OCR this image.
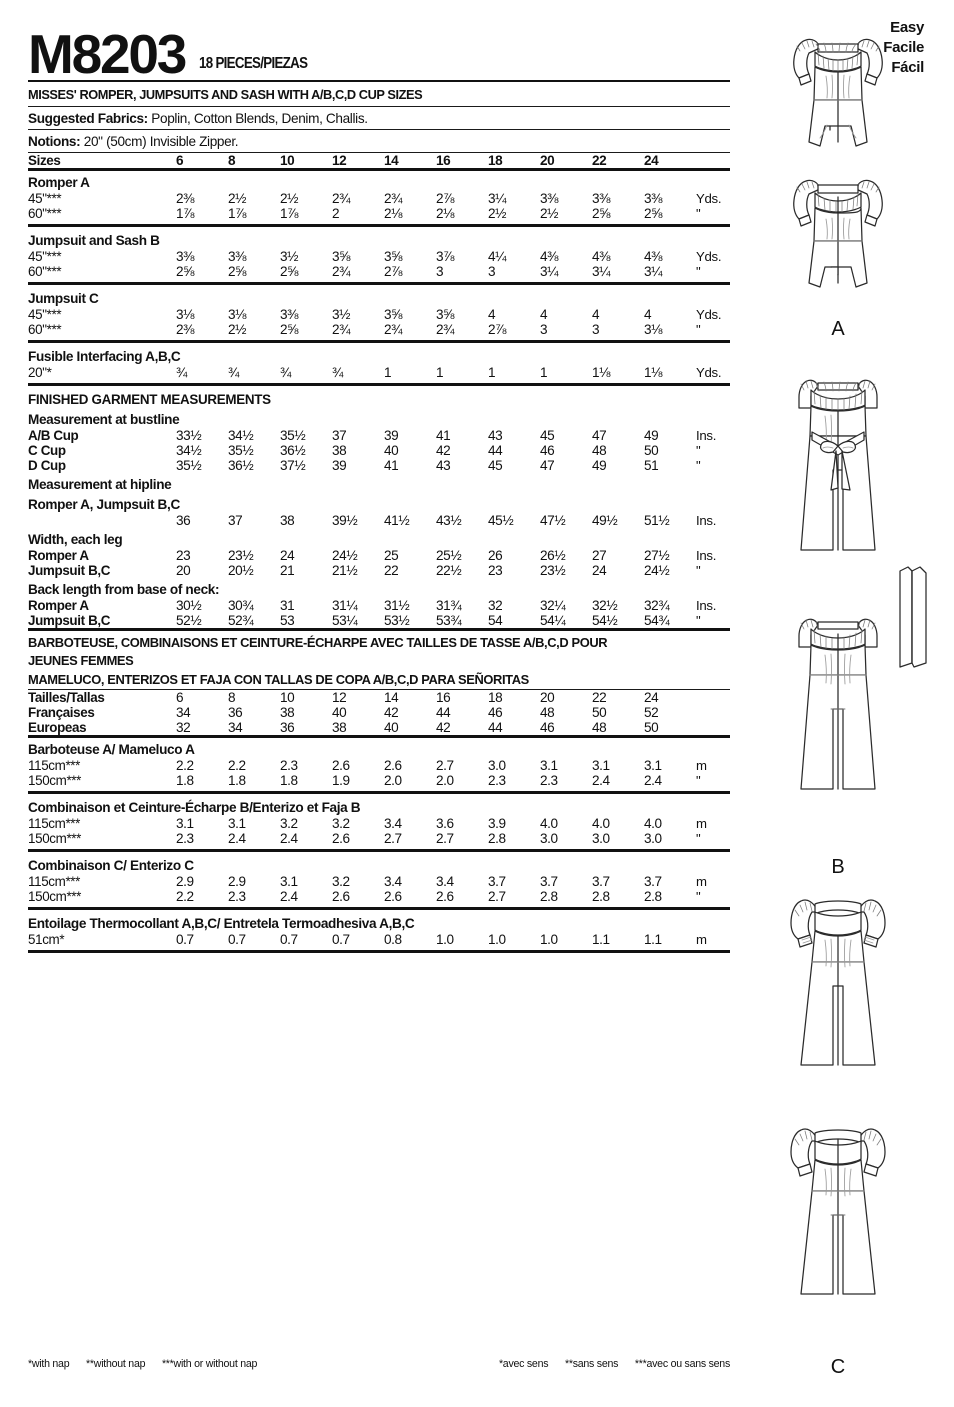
M8203 18 PIECES/PIEZAS
MISSES' ROMPER, JUMPSUITS AND SASH WITH A/B,C,D CUP SIZES
Suggested Fabrics: Poplin, Cotton Blends, Denim, Challis.
Notions: 20" (50cm) Invisible Zipper.
Sizes	6	8	10	12	14	16	18	20	22	24	
Romper A
45"***	2⅜	2½	2½	2¾	2¾	2⅞	3¼	3⅜	3⅜	3⅜	Yds.
60"***	1⅞	1⅞	1⅞	2	2⅛	2⅛	2½	2½	2⅝	2⅝	"
Jumpsuit and Sash B
45"***	3⅜	3⅜	3½	3⅝	3⅝	3⅞	4¼	4⅜	4⅜	4⅜	Yds.
60"***	2⅝	2⅝	2⅝	2¾	2⅞	3	3	3¼	3¼	3¼	"
Jumpsuit C
45"***	3⅛	3⅛	3⅜	3½	3⅝	3⅝	4	4	4	4	Yds.
60"***	2⅜	2½	2⅝	2¾	2¾	2¾	2⅞	3	3	3⅛	"
Fusible Interfacing A,B,C
20"*	¾	¾	¾	¾	1	1	1	1	1⅛	1⅛	Yds.
FINISHED GARMENT MEASUREMENTS
Measurement at bustline
A/B Cup	33½	34½	35½	37	39	41	43	45	47	49	Ins.
C Cup	34½	35½	36½	38	40	42	44	46	48	50	"
D Cup	35½	36½	37½	39	41	43	45	47	49	51	"
Measurement at hipline
Romper A, Jumpsuit B,C
	36	37	38	39½	41½	43½	45½	47½	49½	51½	Ins.
Width, each leg
Romper A	23	23½	24	24½	25	25½	26	26½	27	27½	Ins.
Jumpsuit B,C	20	20½	21	21½	22	22½	23	23½	24	24½	"
Back length from base of neck:
Romper A	30½	30¾	31	31¼	31½	31¾	32	32¼	32½	32¾	Ins.
Jumpsuit B,C	52½	52¾	53	53¼	53½	53¾	54	54¼	54½	54¾	"
BARBOTEUSE, COMBINAISONS ET CEINTURE-ÉCHARPE AVEC TAILLES DE TASSE A/B,C,D POUR
JEUNES FEMMES
MAMELUCO, ENTERIZOS ET FAJA CON TALLAS DE COPA A/B,C,D PARA SEÑORITAS
Tailles/Tallas	6	8	10	12	14	16	18	20	22	24	
Françaises	34	36	38	40	42	44	46	48	50	52	
Europeas	32	34	36	38	40	42	44	46	48	50	
Barboteuse A/ Mameluco A
115cm***	2.2	2.2	2.3	2.6	2.6	2.7	3.0	3.1	3.1	3.1	m
150cm***	1.8	1.8	1.8	1.9	2.0	2.0	2.3	2.3	2.4	2.4	"
Combinaison et Ceinture-Écharpe B/Enterizo et Faja B
115cm***	3.1	3.1	3.2	3.2	3.4	3.6	3.9	4.0	4.0	4.0	m
150cm***	2.3	2.4	2.4	2.6	2.7	2.7	2.8	3.0	3.0	3.0	"
Combinaison C/ Enterizo C
115cm***	2.9	2.9	3.1	3.2	3.4	3.4	3.7	3.7	3.7	3.7	m
150cm***	2.2	2.3	2.4	2.6	2.6	2.6	2.7	2.8	2.8	2.8	"
Entoilage Thermocollant A,B,C/ Entretela Termoadhesiva A,B,C
51cm*	0.7	0.7	0.7	0.7	0.8	1.0	1.0	1.0	1.1	1.1	m
*with nap **without nap ***with or without nap	*avec sens **sans sens ***avec ou sans sens
Easy
Facile
Fácil
A
B
C
